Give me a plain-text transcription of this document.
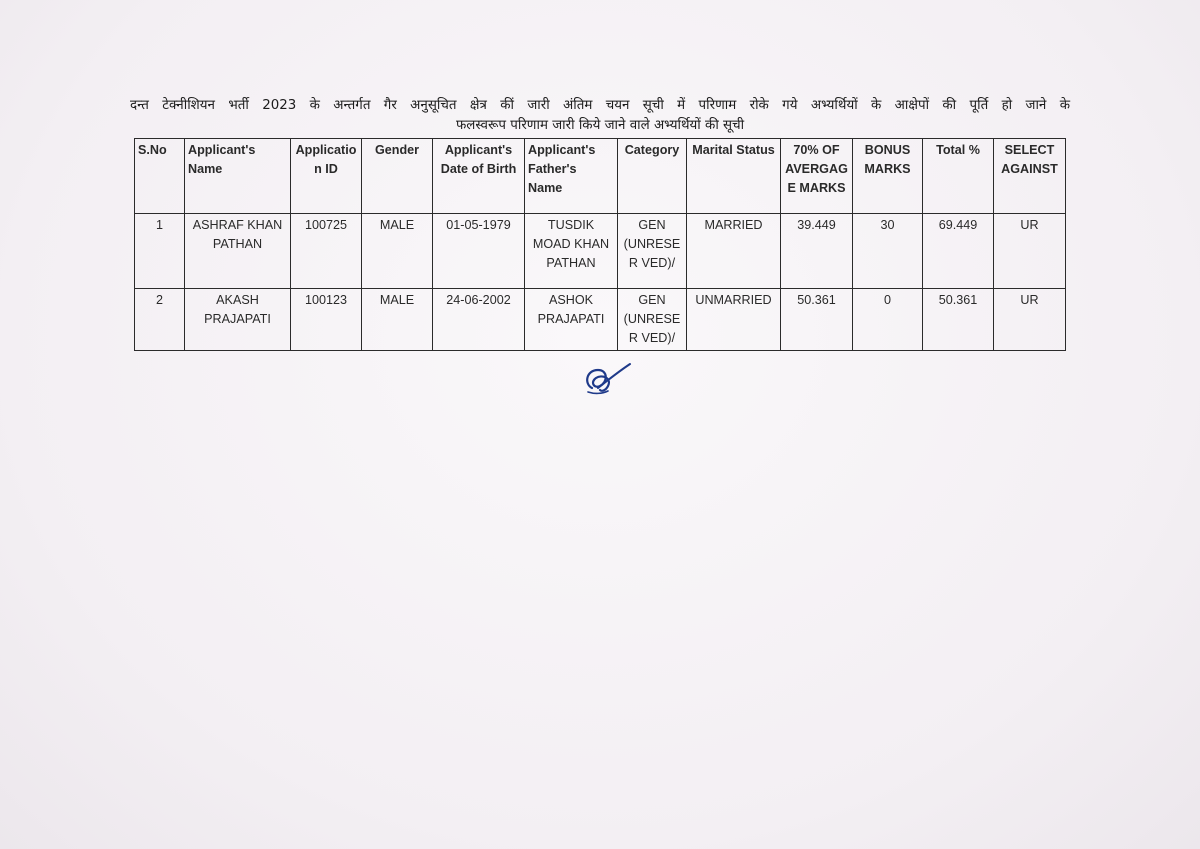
दन्त टेक्नीशियन भर्ती 2023 के अन्तर्गत गैर अनुसूचित क्षेत्र कीं जारी अंतिम चयन सूची में परिणाम रोके गये अभ्यर्थियों के आक्षेपों की पूर्ति हो जाने के
फलस्वरूप परिणाम जारी किये जाने वाले अभ्यर्थियों की सूची
S.No	Applicant's Name	Applicatio n ID	Gender	Applicant's Date of Birth	Applicant's Father's Name	Category	Marital Status	70% OF AVERGAG E MARKS	BONUS MARKS	Total %	SELECT AGAINST
1	ASHRAF KHAN PATHAN	100725	MALE	01-05-1979	TUSDIK MOAD KHAN PATHAN	GEN (UNRESER VED)/	MARRIED	39.449	30	69.449	UR
2	AKASH PRAJAPATI	100123	MALE	24-06-2002	ASHOK PRAJAPATI	GEN (UNRESER VED)/	UNMARRIED	50.361	0	50.361	UR
